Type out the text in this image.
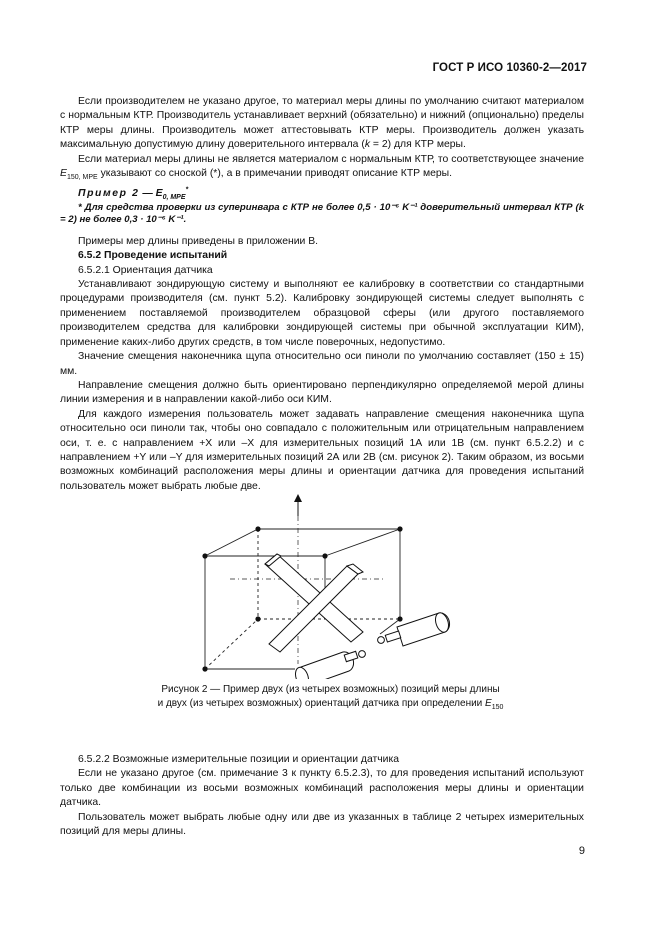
ГОСТ Р ИСО 10360-2—2017

Если производителем не указано другое, то материал меры длины по умолчанию считают материалом с нормальным КТР. Производитель устанавливает верхний (обязательно) и нижний (опционально) пределы КТР меры длины. Производитель может аттестовывать КТР меры. Производитель должен указать максимальную допустимую длину доверительного интервала (k = 2) для КТР меры.

Если материал меры длины не является материалом с нормальным КТР, то соответствующее значение $E_{150, MPE}$ указывают со сноской (*), а в примечании приводят описание КТР меры.

Пример 2 — $E_{0, MPE}^*$

* Для средства проверки из суперинвара с КТР не более 0,5 · 10⁻⁶ K⁻¹ доверительный интервал КТР (k = 2) не более 0,3 · 10⁻⁶ K⁻¹.

Примеры мер длины приведены в приложении В.

6.5.2 Проведение испытаний

6.5.2.1 Ориентация датчика

Устанавливают зондирующую систему и выполняют ее калибровку в соответствии со стандартными процедурами производителя (см. пункт 5.2). Калибровку зондирующей системы следует выполнять с применением поставляемой производителем образцовой сферы (или другого поставляемого производителем средства для калибровки зондирующей системы при обычной эксплуатации КИМ), применение каких-либо других средств, в том числе поверочных, недопустимо.

Значение смещения наконечника щупа относительно оси пиноли по умолчанию составляет (150 ± 15) мм.

Направление смещения должно быть ориентировано перпендикулярно определяемой мерой длины линии измерения и в направлении какой-либо оси КИМ.

Для каждого измерения пользователь может задавать направление смещения наконечника щупа относительно оси пиноли так, чтобы оно совпадало с положительным или отрицательным направлением оси, т. е. с направлением +X или –X для измерительных позиций 1А или 1В (см. пункт 6.5.2.2) и с направлением +Y или –Y для измерительных позиций 2А или 2В (см. рисунок 2). Таким образом, из восьми возможных комбинаций расположения меры длины и ориентации датчика для проведения испытаний пользователь может выбрать любые две.

Рисунок 2 — Пример двух (из четырех возможных) позиций меры длины
и двух (из четырех возможных) ориентаций датчика при определении $E_{150}$

6.5.2.2 Возможные измерительные позиции и ориентации датчика

Если не указано другое (см. примечание 3 к пункту 6.5.2.3), то для проведения испытаний используют только две комбинации из восьми возможных комбинаций расположения меры длины и ориентации датчика.

Пользователь может выбрать любые одну или две из указанных в таблице 2 четырех измерительных позиций для меры длины.

9
